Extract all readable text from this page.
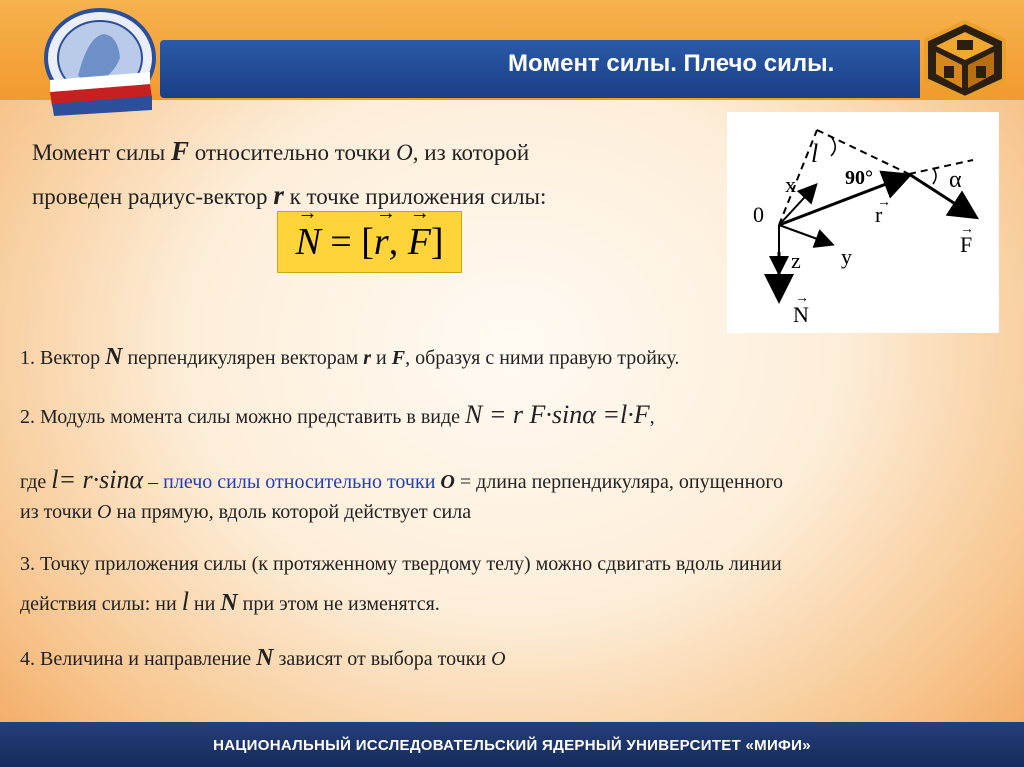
Момент силы. Плечо силы.
Момент силы F относительно точки O, из которой
проведен радиус-вектор r к точке приложения силы:
→ N = [→ r, → F]
l
90°
x
0	r
→
α
F
→
y
z
N
→
1. Вектор N перпендикулярен векторам r и F, образуя с ними правую тройку.
2. Модуль момента силы можно представить в виде N = r F·sinα =l·F,
где l= r·sinα – плечо силы относительно точки O = длина перпендикуляра, опущенного
из точки O на прямую, вдоль которой действует сила
3. Точку приложения силы (к протяженному твердому телу) можно сдвигать вдоль линии
действия силы: ни l ни N при этом не изменятся.
4. Величина и направление N зависят от выбора точки O
НАЦИОНАЛЬНЫЙ ИССЛЕДОВАТЕЛЬСКИЙ ЯДЕРНЫЙ УНИВЕРСИТЕТ «МИФИ»
